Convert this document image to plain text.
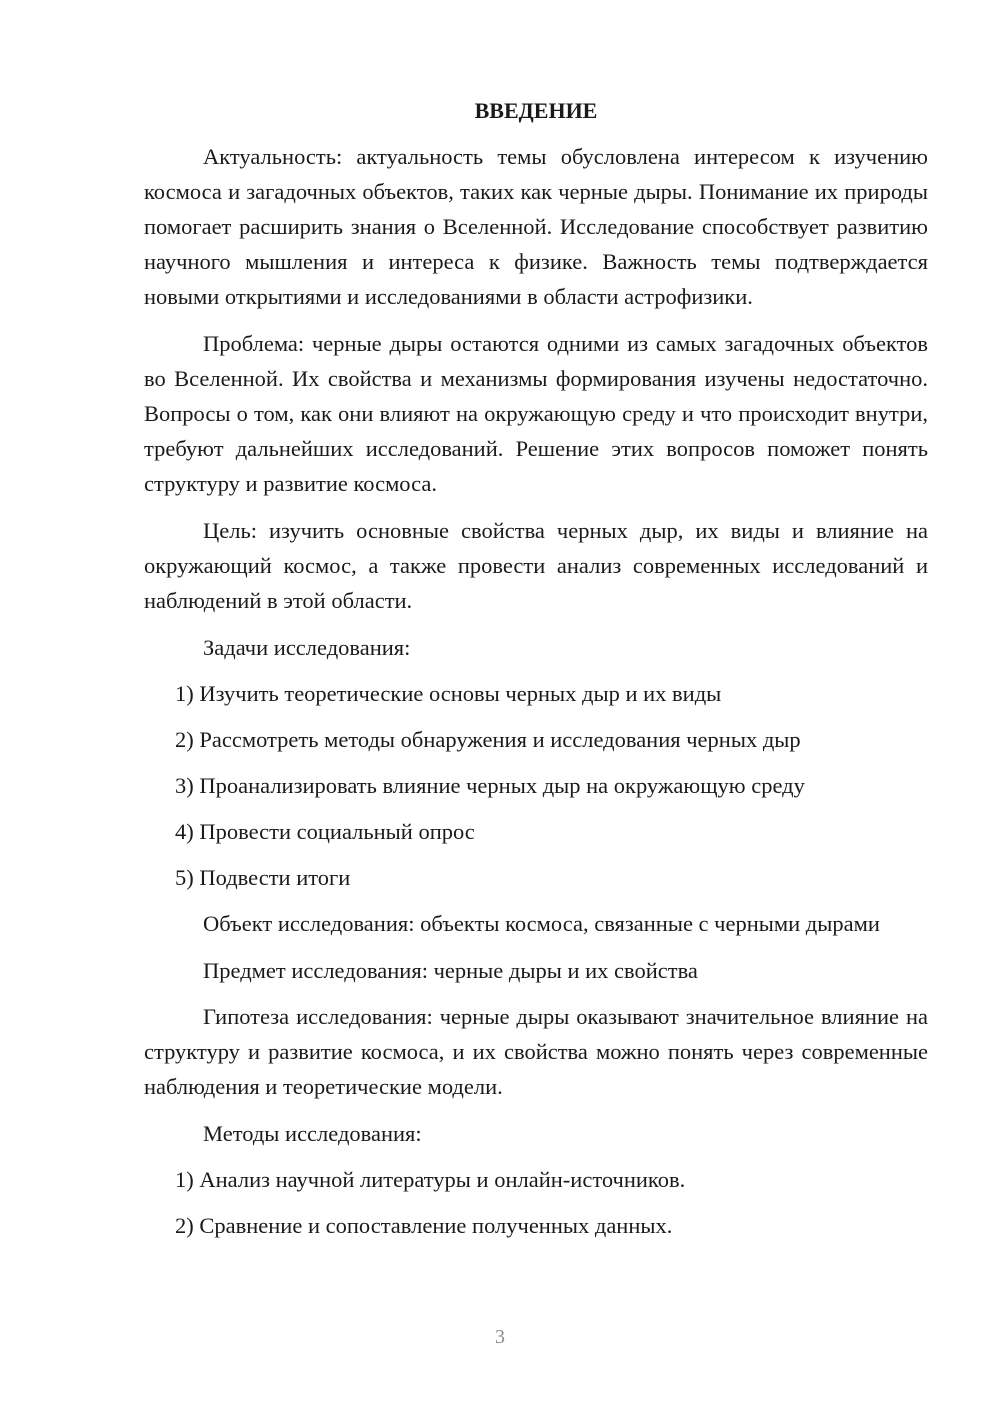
ВВЕДЕНИЕ

Актуальность: актуальность темы обусловлена интересом к изучению космоса и загадочных объектов, таких как черные дыры. Понимание их природы помогает расширить знания о Вселенной. Исследование способствует развитию научного мышления и интереса к физике. Важность темы подтверждается новыми открытиями и исследованиями в области астрофизики.

Проблема: черные дыры остаются одними из самых загадочных объектов во Вселенной. Их свойства и механизмы формирования изучены недостаточно. Вопросы о том, как они влияют на окружающую среду и что происходит внутри, требуют дальнейших исследований. Решение этих вопросов поможет понять структуру и развитие космоса.

Цель: изучить основные свойства черных дыр, их виды и влияние на окружающий космос, а также провести анализ современных исследований и наблюдений в этой области.

Задачи исследования:

1) Изучить теоретические основы черных дыр и их виды
2) Рассмотреть методы обнаружения и исследования черных дыр
3) Проанализировать влияние черных дыр на окружающую среду
4) Провести социальный опрос
5) Подвести итоги

Объект исследования: объекты космоса, связанные с черными дырами

Предмет исследования: черные дыры и их свойства

Гипотеза исследования: черные дыры оказывают значительное влияние на структуру и развитие космоса, и их свойства можно понять через современные наблюдения и теоретические модели.

Методы исследования:

1) Анализ научной литературы и онлайн-источников.
2) Сравнение и сопоставление полученных данных.
3
